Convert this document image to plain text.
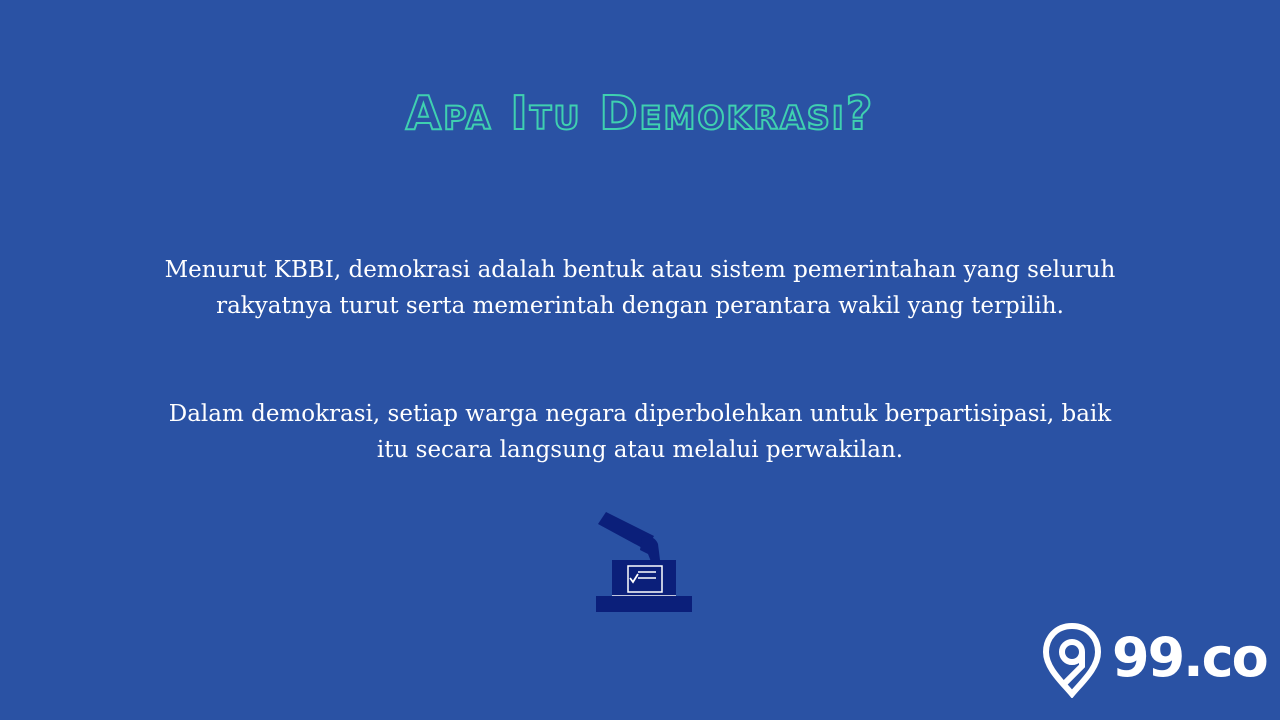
Apa Itu Demokrasi?

Menurut KBBI, demokrasi adalah bentuk atau sistem pemerintahan yang seluruh rakyatnya turut serta memerintah dengan perantara wakil yang terpilih.

Dalam demokrasi, setiap warga negara diperbolehkan untuk berpartisipasi, baik itu secara langsung atau melalui perwakilan.

99.co
